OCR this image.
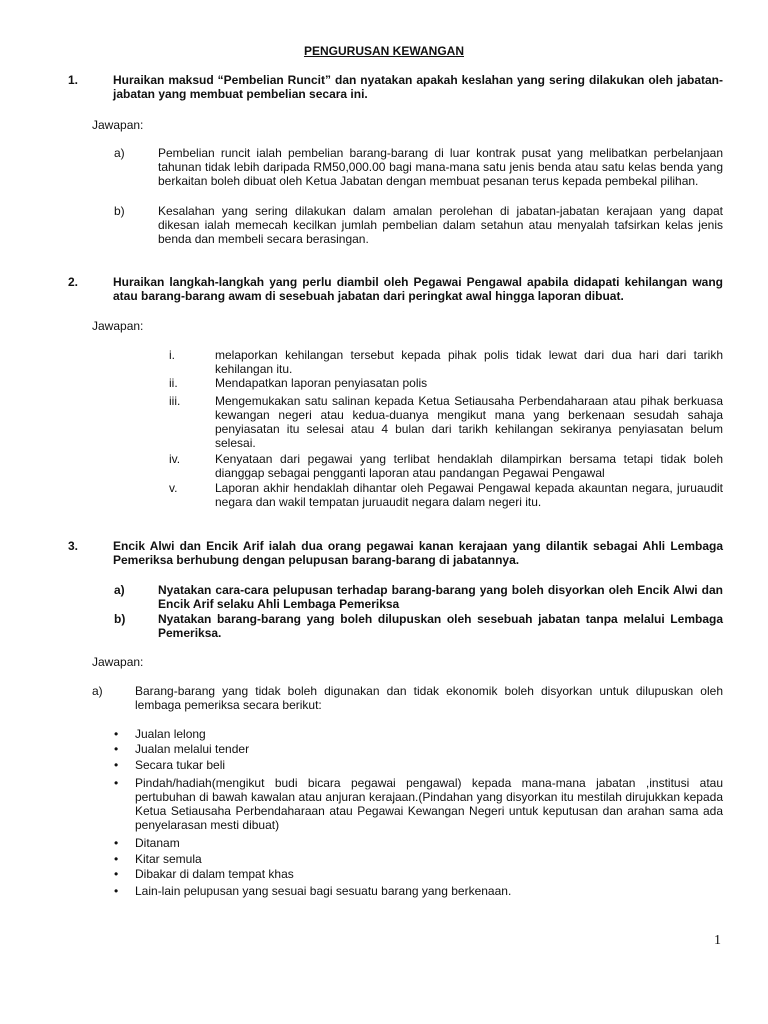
PENGURUSAN KEWANGAN
1.	Huraikan maksud “Pembelian Runcit” dan nyatakan apakah keslahan yang sering dilakukan oleh jabatan-jabatan yang membuat pembelian secara ini.
Jawapan:
a)	Pembelian runcit ialah pembelian barang-barang di luar kontrak pusat yang melibatkan perbelanjaan tahunan tidak lebih daripada RM50,000.00 bagi mana-mana satu jenis benda atau satu kelas benda yang berkaitan boleh dibuat oleh Ketua Jabatan dengan membuat pesanan terus kepada pembekal pilihan.
b)	Kesalahan yang sering dilakukan dalam amalan perolehan di jabatan-jabatan kerajaan yang dapat dikesan ialah memecah kecilkan jumlah pembelian dalam setahun atau menyalah tafsirkan kelas jenis benda dan membeli secara berasingan.
2.	Huraikan langkah-langkah yang perlu diambil oleh Pegawai Pengawal apabila didapati kehilangan wang atau barang-barang awam di sesebuah jabatan dari peringkat awal hingga laporan dibuat.
Jawapan:
i.	melaporkan kehilangan tersebut kepada pihak polis tidak lewat dari dua hari dari tarikh kehilangan itu.
ii.	Mendapatkan laporan penyiasatan polis
iii.	Mengemukakan satu salinan kepada Ketua Setiausaha Perbendaharaan atau pihak berkuasa kewangan negeri atau kedua-duanya mengikut mana yang berkenaan sesudah sahaja penyiasatan itu selesai atau 4 bulan dari tarikh kehilangan sekiranya penyiasatan belum selesai.
iv.	Kenyataan dari pegawai yang terlibat hendaklah dilampirkan bersama tetapi tidak boleh dianggap sebagai pengganti laporan atau pandangan Pegawai Pengawal
v.	Laporan akhir hendaklah dihantar oleh Pegawai Pengawal kepada akauntan negara, juruaudit negara dan wakil tempatan juruaudit negara dalam negeri itu.
3.	Encik Alwi dan Encik Arif ialah dua orang pegawai kanan kerajaan yang dilantik sebagai Ahli Lembaga Pemeriksa berhubung dengan pelupusan barang-barang di jabatannya.
a)	Nyatakan cara-cara pelupusan terhadap barang-barang yang boleh disyorkan oleh Encik Alwi dan Encik Arif selaku Ahli Lembaga Pemeriksa
b)	Nyatakan barang-barang yang boleh dilupuskan oleh sesebuah jabatan tanpa melalui Lembaga Pemeriksa.
Jawapan:
a)	Barang-barang yang tidak boleh digunakan dan tidak ekonomik boleh disyorkan untuk dilupuskan oleh lembaga pemeriksa secara berikut:
• Jualan lelong
• Jualan melalui tender
• Secara tukar beli
• Pindah/hadiah(mengikut budi bicara pegawai pengawal) kepada mana-mana jabatan ,institusi atau pertubuhan di bawah kawalan atau anjuran kerajaan.(Pindahan yang disyorkan itu mestilah dirujukkan kepada Ketua Setiausaha Perbendaharaan atau Pegawai Kewangan Negeri untuk keputusan dan arahan sama ada penyelarasan mesti dibuat)
• Ditanam
• Kitar semula
• Dibakar di dalam tempat khas
• Lain-lain pelupusan yang sesuai bagi sesuatu barang yang berkenaan.
1
